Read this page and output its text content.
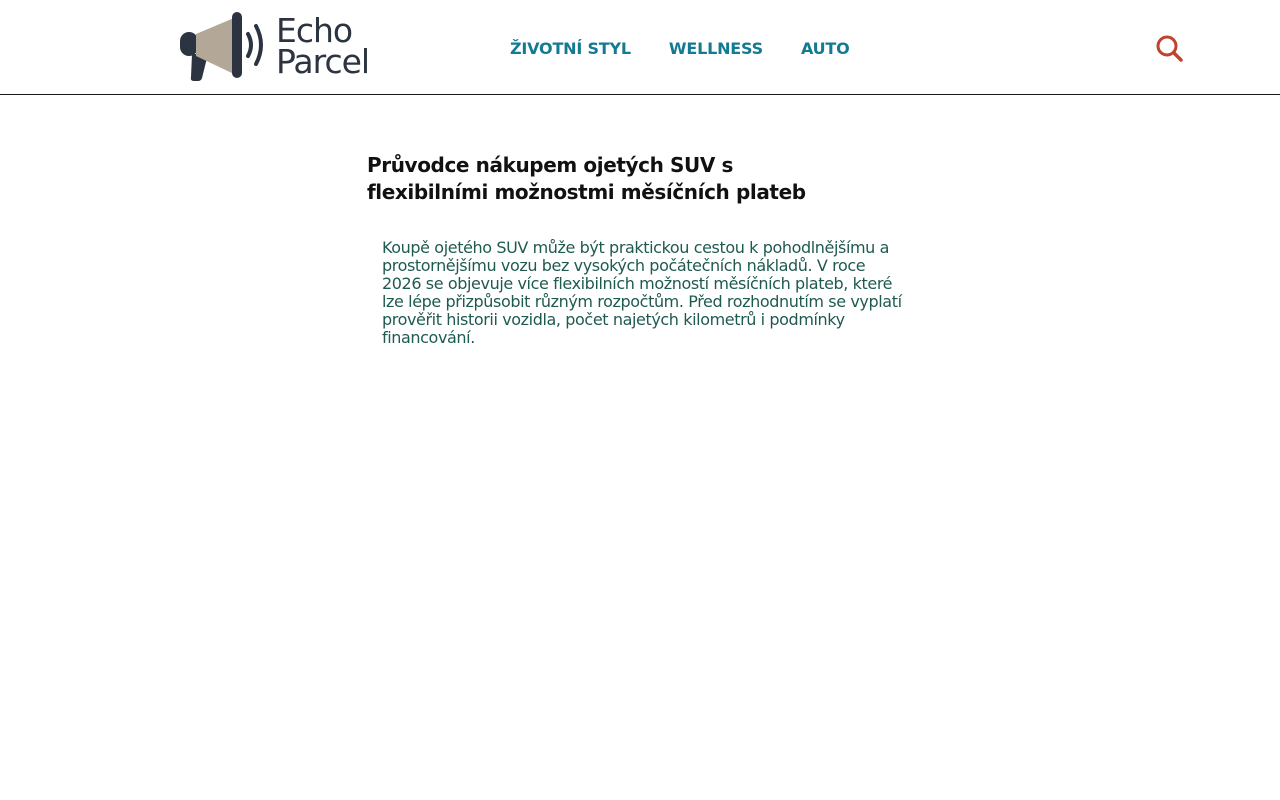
Echo
Parcel	ŽIVOTNÍ STYL WELLNESS AUTO
Průvodce nákupem ojetých SUV s flexibilními možnostmi měsíčních plateb

Koupě ojetého SUV může být praktickou cestou k pohodlnějšímu a prostornějšímu vozu bez vysokých počátečních nákladů. V roce 2026 se objevuje více flexibilních možností měsíčních plateb, které lze lépe přizpůsobit různým rozpočtům. Před rozhodnutím se vyplatí prověřit historii vozidla, počet najetých kilometrů i podmínky financování.
